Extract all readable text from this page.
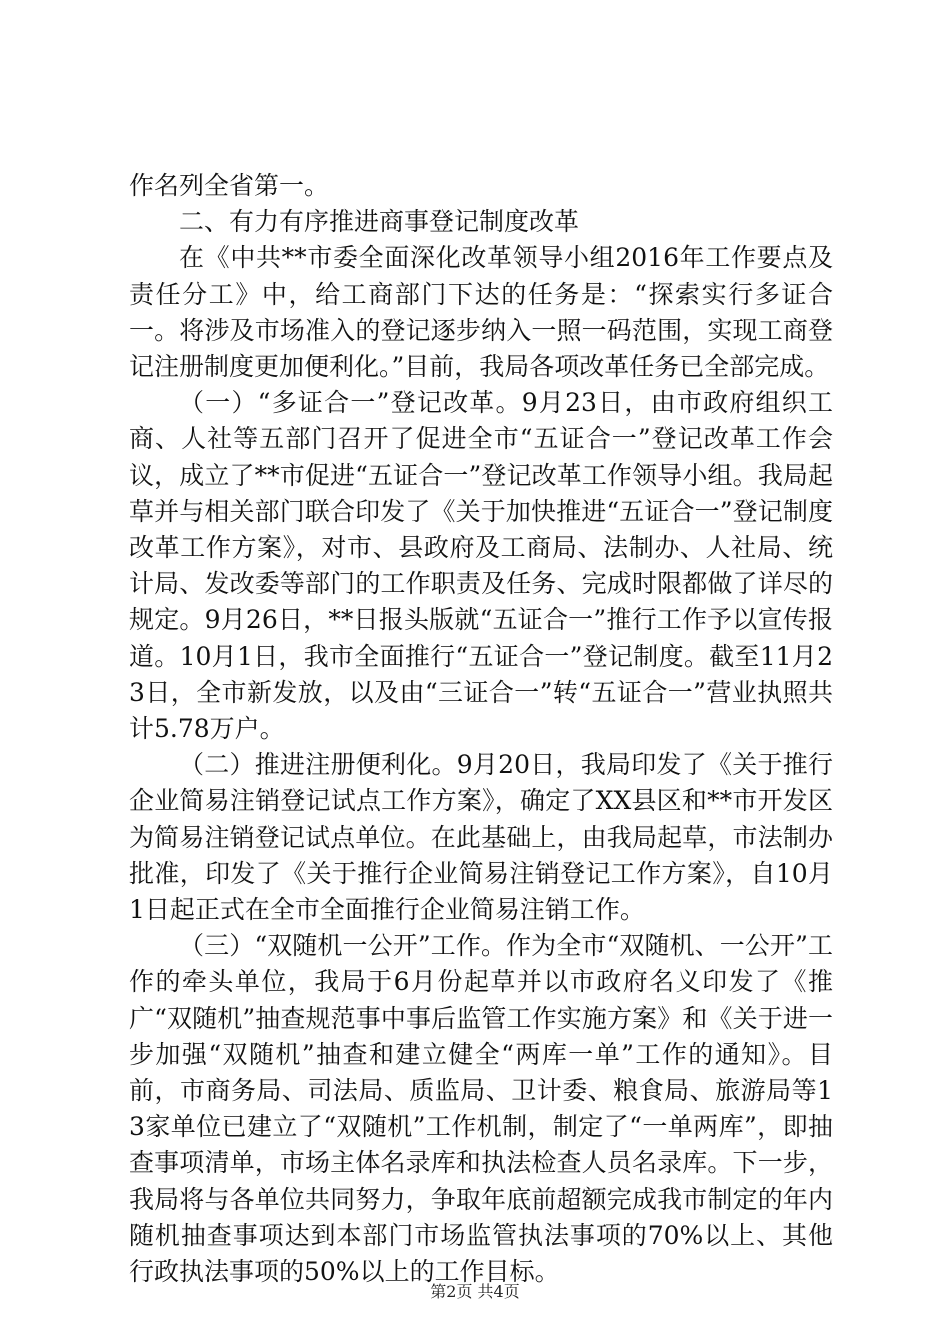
作名列全省第一。

二、有力有序推进商事登记制度改革

在《中共**市委全面深化改革领导小组2016年工作要点及责任分工》中，给工商部门下达的任务是：“探索实行多证合一。将涉及市场准入的登记逐步纳入一照一码范围，实现工商登记注册制度更加便利化。”目前，我局各项改革任务已全部完成。

（一）“多证合一”登记改革。9月23日，由市政府组织工商、人社等五部门召开了促进全市“五证合一”登记改革工作会议，成立了**市促进“五证合一”登记改革工作领导小组。我局起草并与相关部门联合印发了《关于加快推进“五证合一”登记制度改革工作方案》，对市、县政府及工商局、法制办、人社局、统计局、发改委等部门的工作职责及任务、完成时限都做了详尽的规定。9月26日，**日报头版就“五证合一”推行工作予以宣传报道。10月1日，我市全面推行“五证合一”登记制度。截至11月23日，全市新发放，以及由“三证合一”转“五证合一”营业执照共计5.78万户。

（二）推进注册便利化。9月20日，我局印发了《关于推行企业简易注销登记试点工作方案》，确定了XX县区和**市开发区为简易注销登记试点单位。在此基础上，由我局起草，市法制办批准，印发了《关于推行企业简易注销登记工作方案》，自10月1日起正式在全市全面推行企业简易注销工作。

（三）“双随机一公开”工作。作为全市“双随机、一公开”工作的牵头单位，我局于6月份起草并以市政府名义印发了《推广“双随机”抽查规范事中事后监管工作实施方案》和《关于进一步加强“双随机”抽查和建立健全“两库一单”工作的通知》。目前，市商务局、司法局、质监局、卫计委、粮食局、旅游局等13家单位已建立了“双随机”工作机制，制定了“一单两库”，即抽查事项清单，市场主体名录库和执法检查人员名录库。下一步，我局将与各单位共同努力，争取年底前超额完成我市制定的年内随机抽查事项达到本部门市场监管执法事项的70%以上、其他行政执法事项的50%以上的工作目标。

第2页 共4页
